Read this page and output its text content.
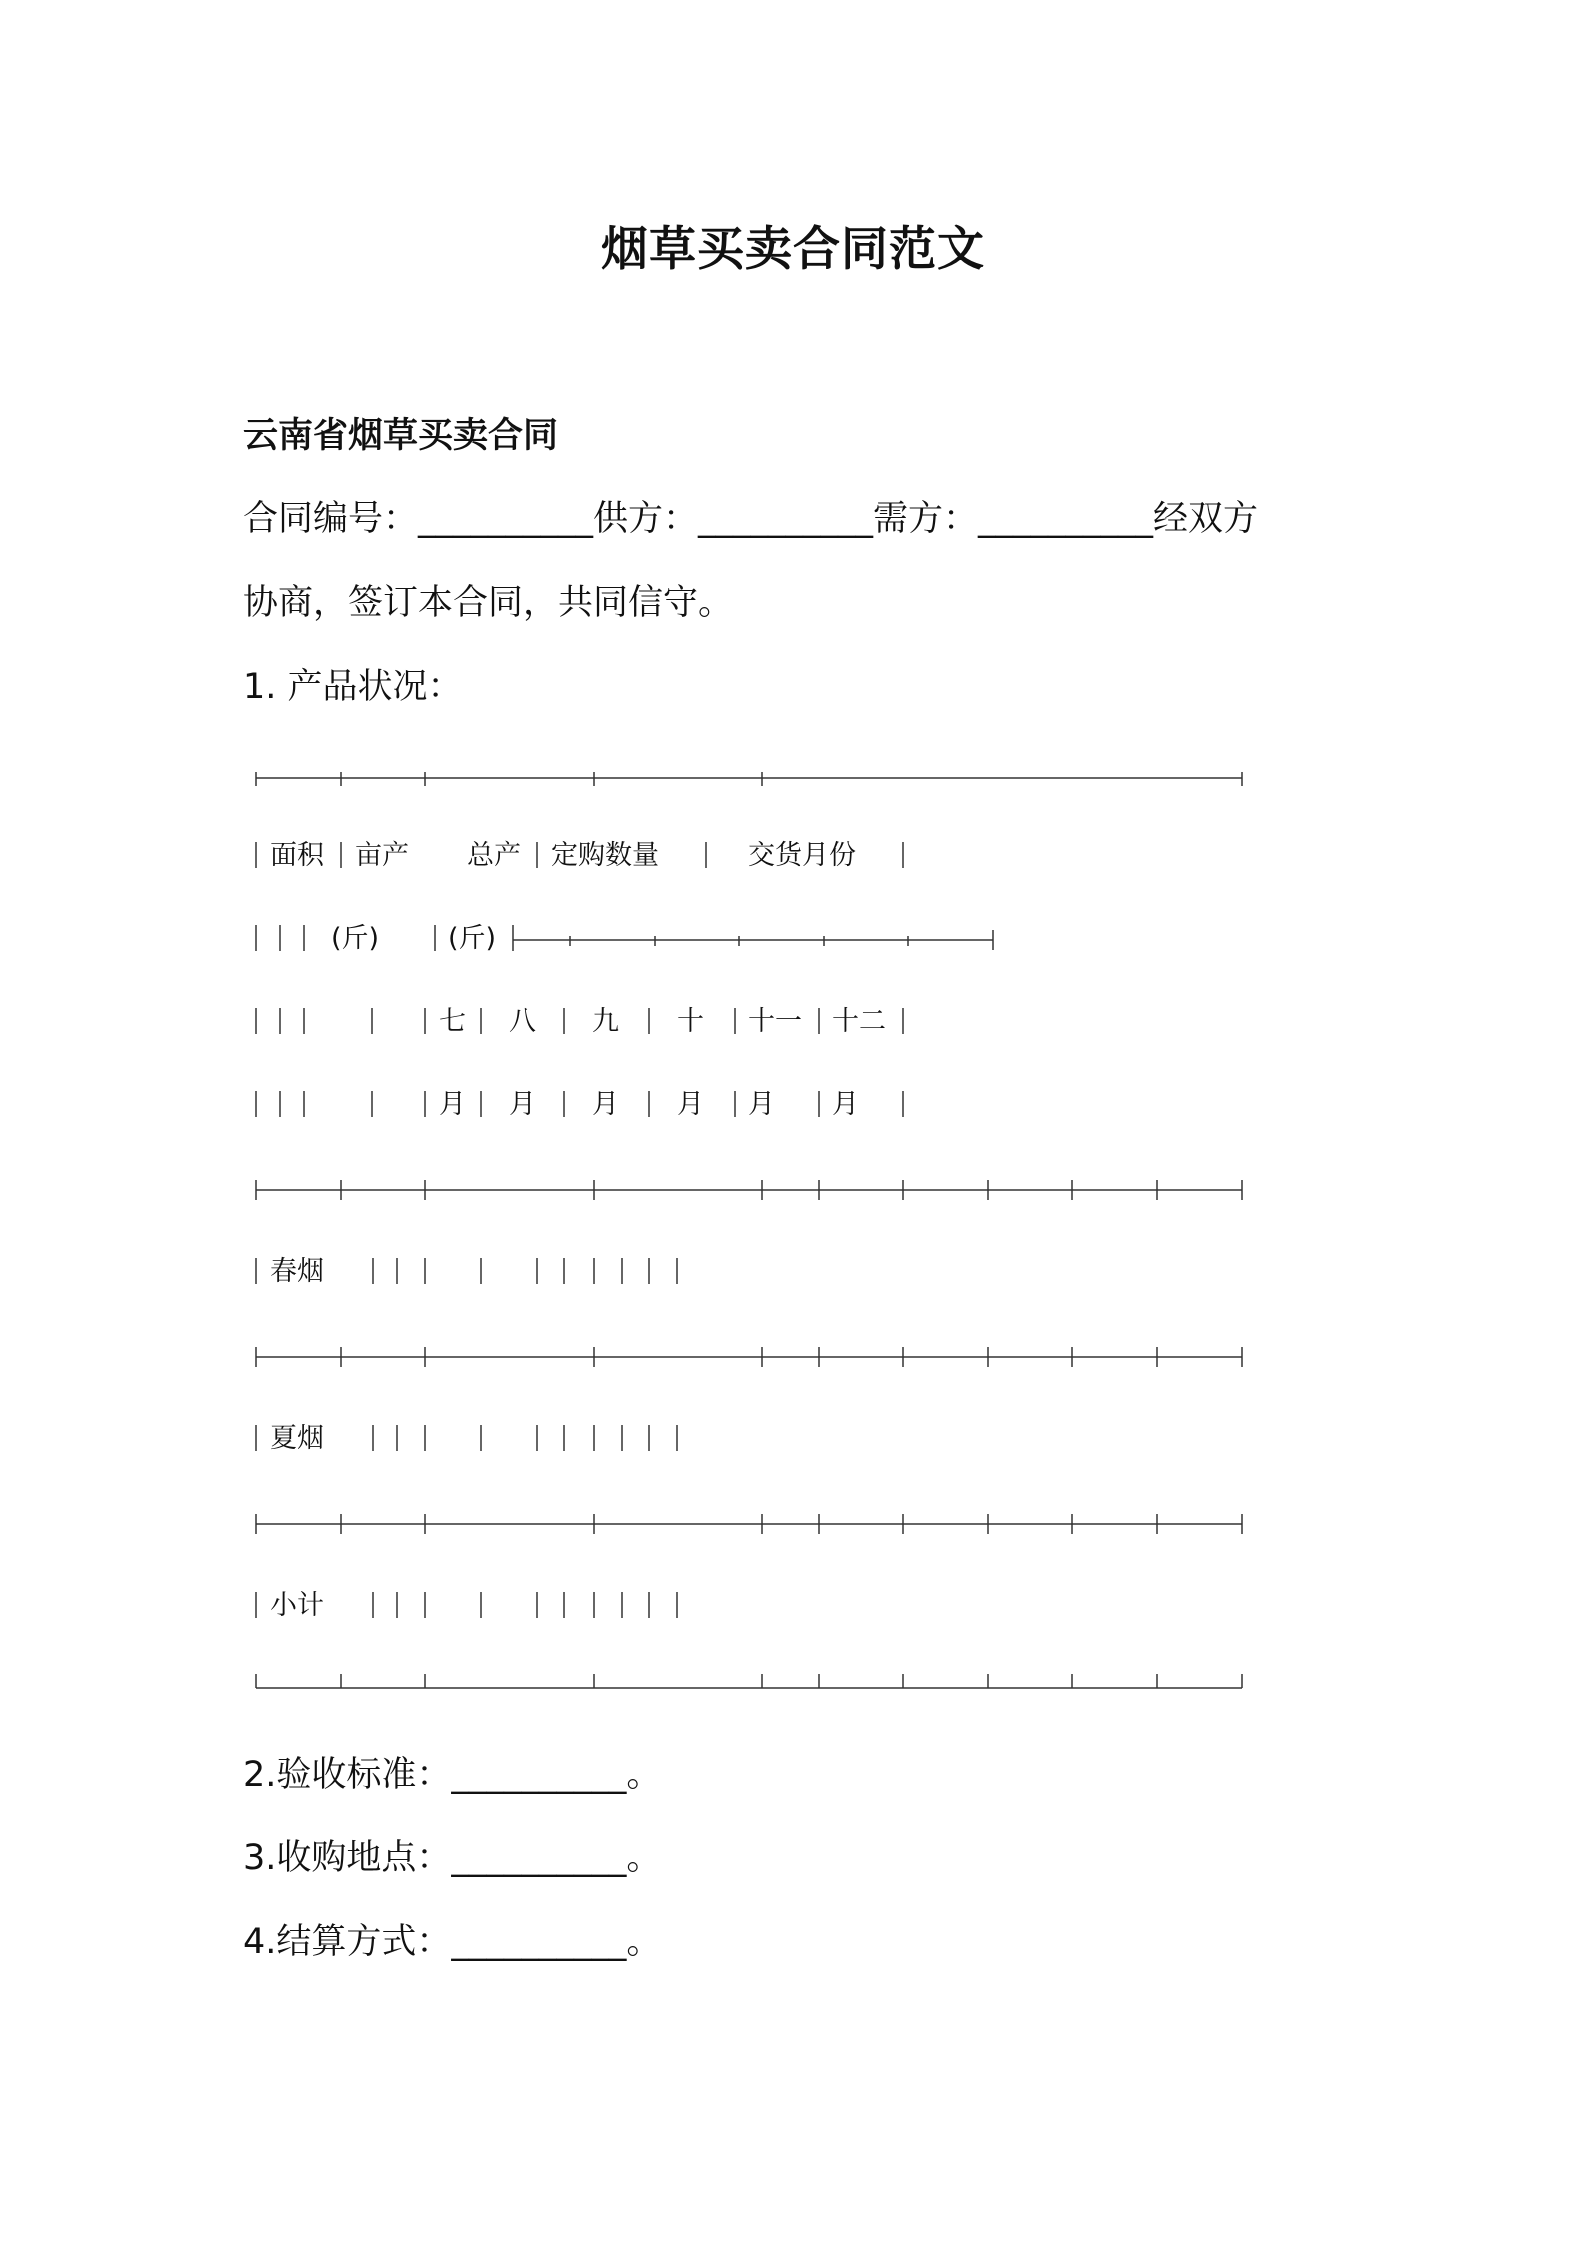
烟草买卖合同范文
云南省烟草买卖合同
合同编号：__________供方：__________需方：__________经双方
协商，签订本合同，共同信守。
1. 产品状况：
面积 亩产 总产 定购数量	交货月份
(斤)	(斤)
七 八 九 十 十一 十二
月 月 月 月 月 月
春烟
夏烟
小计
2.验收标准：__________。
3.收购地点：__________。
4.结算方式：__________。
